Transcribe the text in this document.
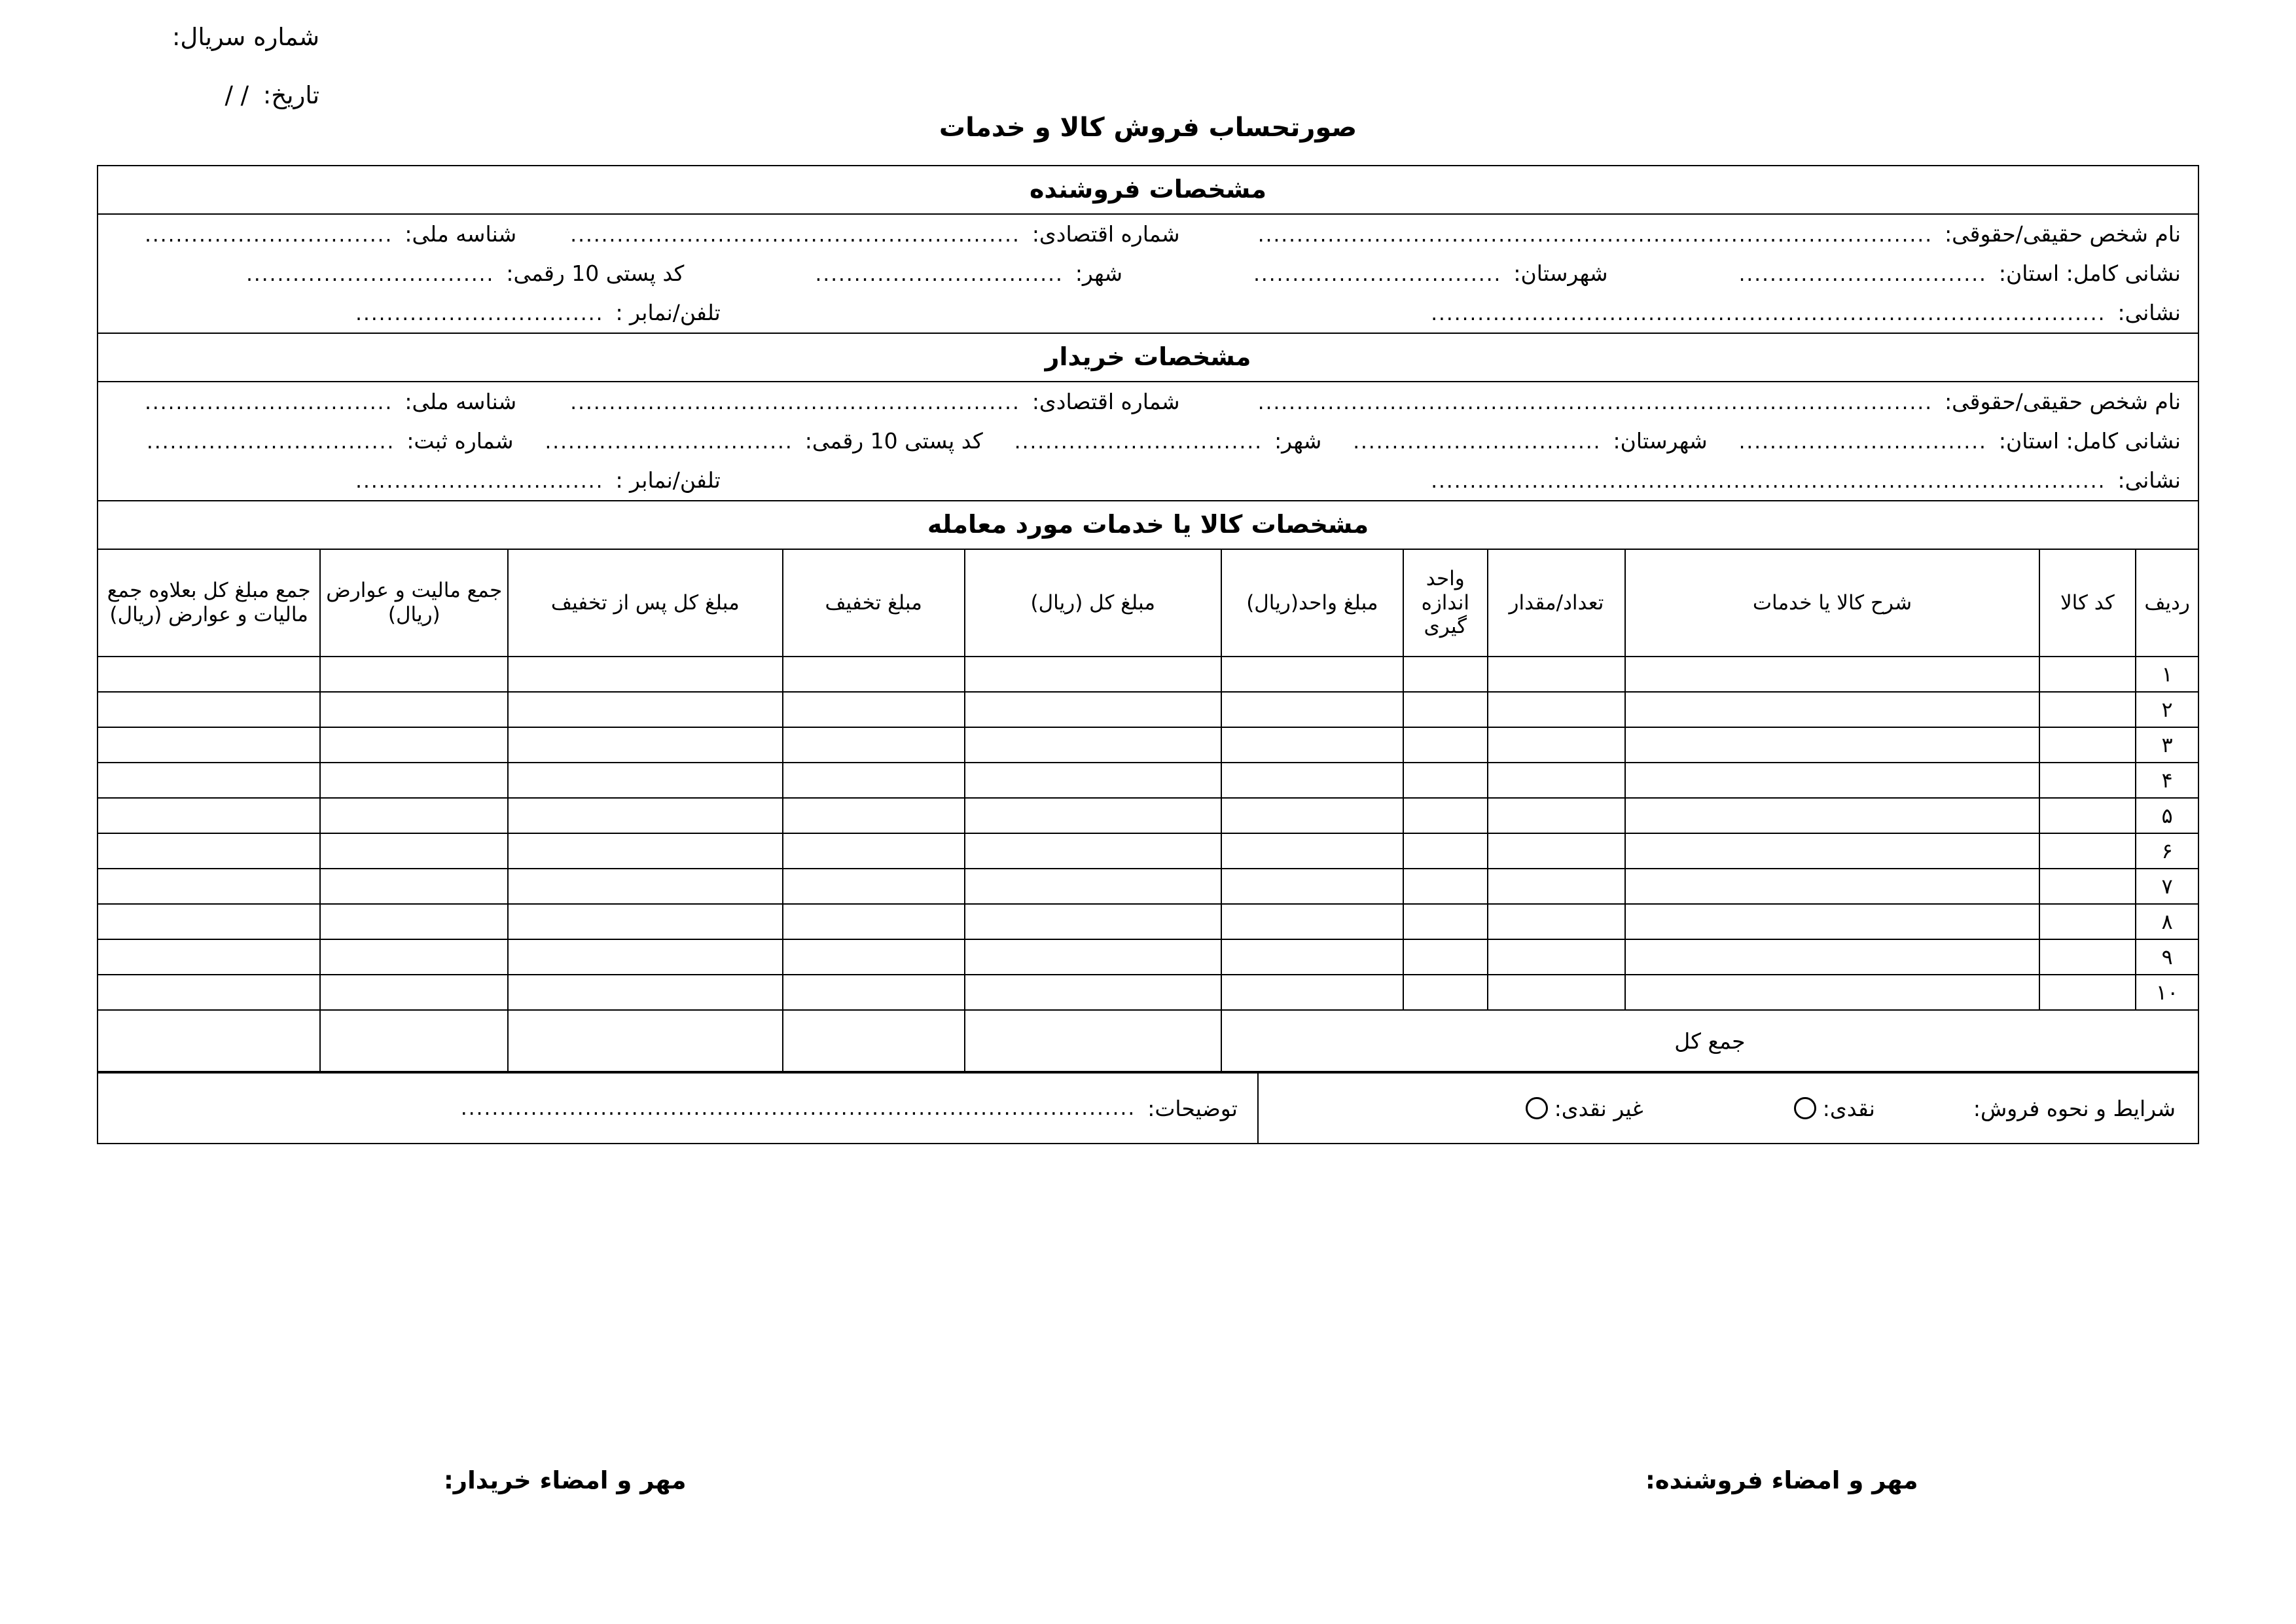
شماره سریال:
تاریخ: / /
صورتحساب فروش کالا و خدمات
مشخصات فروشنده
نام شخص حقیقی/حقوقی:
.......................................................................................
شماره اقتصادی:
..........................................................
شناسه ملی:
................................
نشانی کامل: استان:
................................
شهرستان:
................................
شهر:
................................
کد پستی 10 رقمی:
................................
نشانی:
.......................................................................................
تلفن/نمابر :
................................
مشخصات خریدار
نام شخص حقیقی/حقوقی:
.......................................................................................
شماره اقتصادی:
..........................................................
شناسه ملی:
................................
نشانی کامل: استان:
................................
شهرستان:
................................
شهر:
................................
کد پستی 10 رقمی:
................................
شماره ثبت:
................................
نشانی:
.......................................................................................
تلفن/نمابر :
................................
مشخصات کالا یا خدمات مورد معامله
ردیف	کد کالا	شرح کالا یا خدمات	تعداد/مقدار	واحد اندازه گیری	مبلغ واحد(ریال)	مبلغ کل (ریال)	مبلغ تخفیف	مبلغ کل پس از تخفیف	جمع مالیت و عوارض (ریال)	جمع مبلغ کل بعلاوه جمع مالیات و عوارض (ریال)
۱										
۲										
۳										
۴										
۵										
۶										
۷										
۸										
۹										
۱۰										
جمع کل										
شرایط و نحوه فروش:
نقدی:
غیر نقدی:
توضیحات:
.......................................................................................
مهر و امضاء فروشنده:
مهر و امضاء خریدار:
